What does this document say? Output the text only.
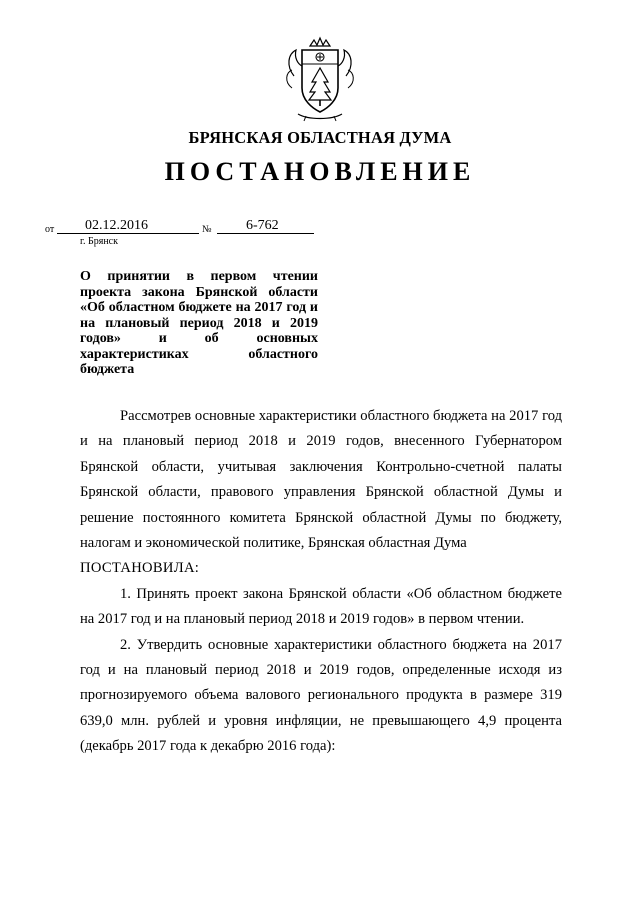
БРЯНСКАЯ ОБЛАСТНАЯ ДУМА
ПОСТАНОВЛЕНИЕ
от 02.12.2016	№ 6-762
г. Брянск
О принятии в первом чтении проекта закона Брянской области «Об областном бюджете на 2017 год и на плановый период 2018 и 2019 годов» и об основных характеристиках областного бюджета

Рассмотрев основные характеристики областного бюджета на 2017 год и на плановый период 2018 и 2019 годов, внесенного Губернатором Брянской области, учитывая заключения Контрольно-счетной палаты Брянской области, правового управления Брянской областной Думы и решение постоянного комитета Брянской областной Думы по бюджету, налогам и экономической политике, Брянская областная Дума

ПОСТАНОВИЛА:

1. Принять проект закона Брянской области «Об областном бюджете на 2017 год и на плановый период 2018 и 2019 годов» в первом чтении.

2. Утвердить основные характеристики областного бюджета на 2017 год и на плановый период 2018 и 2019 годов, определенные исходя из прогнозируемого объема валового регионального продукта в размере 319 639,0 млн. рублей и уровня инфляции, не превышающего 4,9 процента (декабрь 2017 года к декабрю 2016 года):
